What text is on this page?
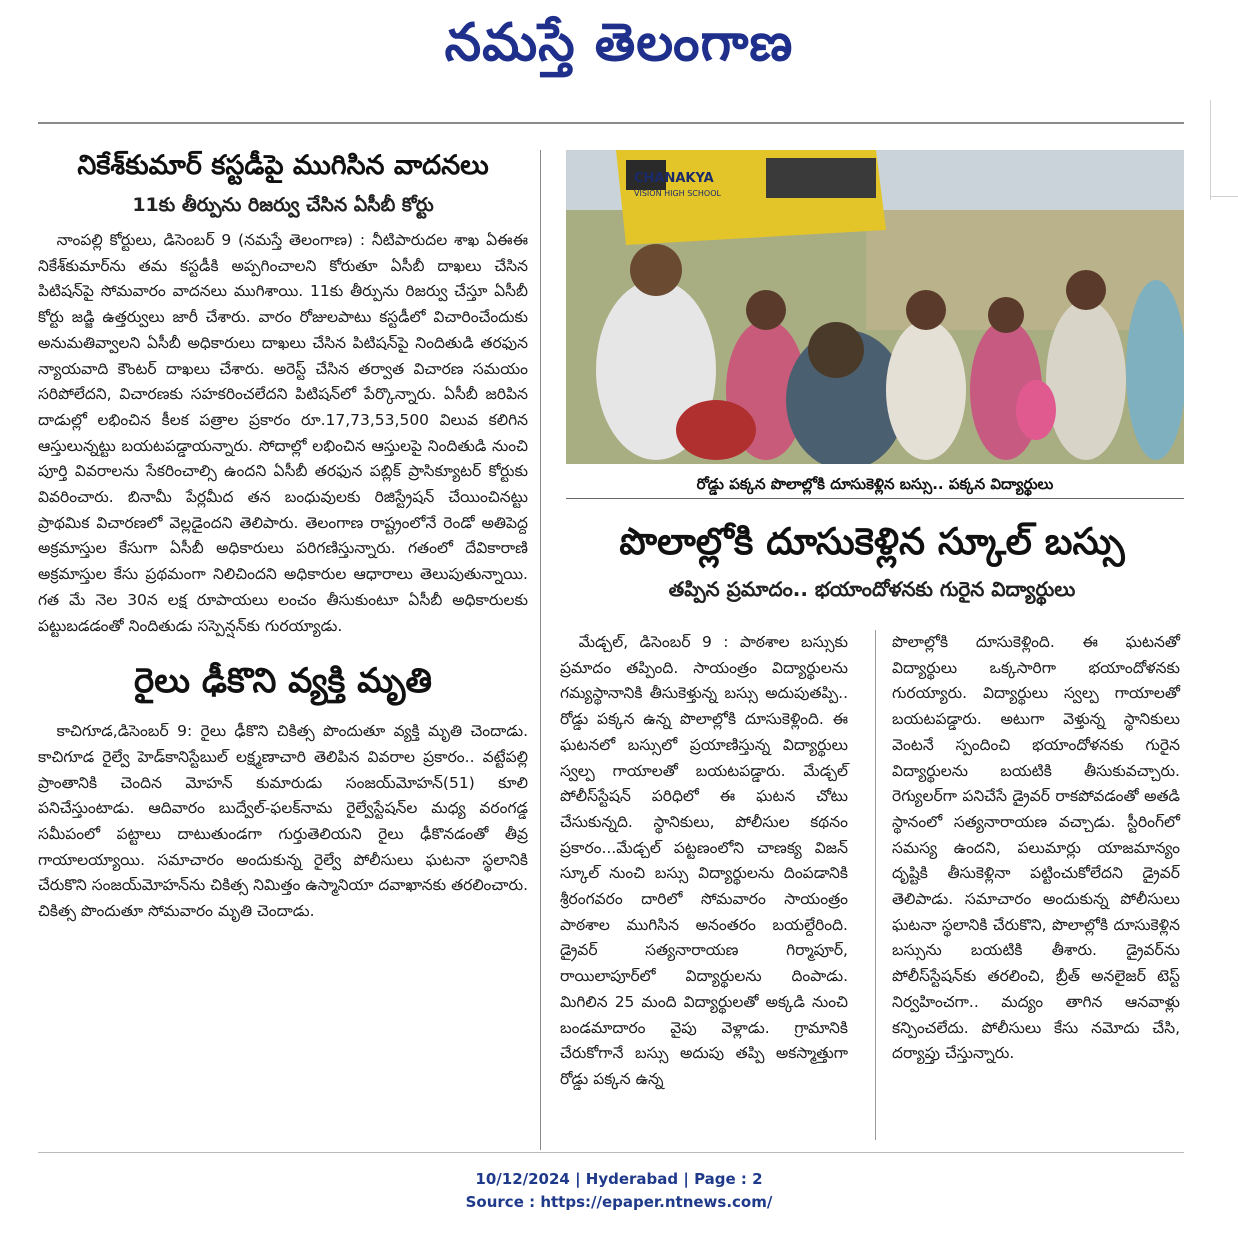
నమస్తే తెలంగాణ
నికేశ్‌కుమార్ కస్టడీపై ముగిసిన వాదనలు
11కు తీర్పును రిజర్వు చేసిన ఏసీబీ కోర్టు

నాంపల్లి కోర్టులు, డిసెంబర్ 9 (నమస్తే తెలంగాణ) : నీటిపారుదల శాఖ ఏఈఈ నికేశ్‌కుమార్‌ను తమ కస్టడీకి అప్పగించాలని కోరుతూ ఏసీబీ దాఖలు చేసిన పిటిషన్‌పై సోమవారం వాదనలు ముగిశాయి. 11కు తీర్పును రిజర్వు చేస్తూ ఏసీబీ కోర్టు జడ్జి ఉత్తర్వులు జారీ చేశారు. వారం రోజులపాటు కస్టడీలో విచారించేందుకు అనుమతివ్వాలని ఏసీబీ అధికారులు దాఖలు చేసిన పిటిషన్‌పై నిందితుడి తరఫున న్యాయవాది కౌంటర్ దాఖలు చేశారు. అరెస్ట్ చేసిన తర్వాత విచారణ సమయం సరిపోలేదని, విచారణకు సహకరించలేదని పిటిషన్‌లో పేర్కొన్నారు. ఏసీబీ జరిపిన దాడుల్లో లభించిన కీలక పత్రాల ప్రకారం రూ.17,73,53,500 విలువ కలిగిన ఆస్తులున్నట్టు బయటపడ్డాయన్నారు. సోదాల్లో లభించిన ఆస్తులపై నిందితుడి నుంచి పూర్తి వివరాలను సేకరించాల్సి ఉందని ఏసీబీ తరఫున పబ్లిక్ ప్రాసిక్యూటర్ కోర్టుకు వివరించారు. బినామీ పేర్లమీద తన బంధువులకు రిజిస్ట్రేషన్ చేయించినట్టు ప్రాథమిక విచారణలో వెల్లడైందని తెలిపారు. తెలంగాణ రాష్ట్రంలోనే రెండో అతిపెద్ద అక్రమాస్తుల కేసుగా ఏసీబీ అధికారులు పరిగణిస్తున్నారు. గతంలో దేవికారాణి అక్రమాస్తుల కేసు ప్రథమంగా నిలిచిందని అధికారుల ఆధారాలు తెలుపుతున్నాయి. గత మే నెల 30న లక్ష రూపాయలు లంచం తీసుకుంటూ ఏసీబీ అధికారులకు పట్టుబడడంతో నిందితుడు సస్పెన్షన్‌కు గురయ్యాడు.

రైలు ఢీకొని వ్యక్తి మృతి

కాచిగూడ,డిసెంబర్ 9: రైలు ఢీకొని చికిత్స పొందుతూ వ్యక్తి మృతి చెందాడు. కాచిగూడ రైల్వే హెడ్‌కానిస్టేబుల్ లక్ష్మణాచారి తెలిపిన వివరాల ప్రకారం.. వట్టేపల్లి ప్రాంతానికి చెందిన మోహన్ కుమారుడు సంజయ్‌మోహన్(51) కూలి పనిచేస్తుంటాడు. ఆదివారం బుద్వేల్-ఫలక్‌నామ రైల్వేస్టేషన్‌ల మధ్య వరంగడ్డ సమీపంలో పట్టాలు దాటుతుండగా గుర్తుతెలియని రైలు ఢీకొనడంతో తీవ్ర గాయాలయ్యాయి. సమాచారం అందుకున్న రైల్వే పోలీసులు ఘటనా స్థలానికి చేరుకొని సంజయ్‌మోహన్‌ను చికిత్స నిమిత్తం ఉస్మానియా దవాఖానకు తరలించారు. చికిత్స పొందుతూ సోమవారం మృతి చెందాడు.

CHANAKYA
VISION HIGH SCHOOL
రోడ్డు పక్కన పొలాల్లోకి దూసుకెళ్లిన బస్సు.. పక్కన విద్యార్థులు
పొలాల్లోకి దూసుకెళ్లిన స్కూల్ బస్సు
తప్పిన ప్రమాదం.. భయాందోళనకు గురైన విద్యార్థులు

మేడ్చల్, డిసెంబర్ 9 : పాఠశాల బస్సుకు ప్రమాదం తప్పింది. సాయంత్రం విద్యార్థులను గమ్యస్థానానికి తీసుకెళ్తున్న బస్సు అదుపుతప్పి.. రోడ్డు పక్కన ఉన్న పొలాల్లోకి దూసుకెళ్లింది. ఈ ఘటనలో బస్సులో ప్రయాణిస్తున్న విద్యార్థులు స్వల్ప గాయాలతో బయటపడ్డారు. మేడ్చల్ పోలీస్‌స్టేషన్ పరిధిలో ఈ ఘటన చోటు చేసుకున్నది. స్థానికులు, పోలీసుల కథనం ప్రకారం...మేడ్చల్ పట్టణంలోని చాణక్య విజన్ స్కూల్ నుంచి బస్సు విద్యార్థులను దింపడానికి శ్రీరంగవరం దారిలో సోమవారం సాయంత్రం పాఠశాల ముగిసిన అనంతరం బయల్దేరింది. డ్రైవర్ సత్యనారాయణ గిర్మాపూర్, రాయిలాపూర్‌లో విద్యార్థులను దింపాడు. మిగిలిన 25 మంది విద్యార్థులతో అక్కడి నుంచి బండమాదారం వైపు వెళ్లాడు. గ్రామానికి చేరుకోగానే బస్సు అదుపు తప్పి అకస్మాత్తుగా రోడ్డు పక్కన ఉన్న

పొలాల్లోకి దూసుకెళ్లింది. ఈ ఘటనతో విద్యార్థులు ఒక్కసారిగా భయాందోళనకు గురయ్యారు. విద్యార్థులు స్వల్ప గాయాలతో బయటపడ్డారు. అటుగా వెళ్తున్న స్థానికులు వెంటనే స్పందించి భయాందోళనకు గురైన విద్యార్థులను బయటికి తీసుకువచ్చారు. రెగ్యులర్‌గా పనిచేసే డ్రైవర్ రాకపోవడంతో అతడి స్థానంలో సత్యనారాయణ వచ్చాడు. స్టీరింగ్‌లో సమస్య ఉందని, పలుమార్లు యాజమాన్యం దృష్టికి తీసుకెళ్లినా పట్టించుకోలేదని డ్రైవర్ తెలిపాడు. సమాచారం అందుకున్న పోలీసులు ఘటనా స్థలానికి చేరుకొని, పొలాల్లోకి దూసుకెళ్లిన బస్సును బయటికి తీశారు. డ్రైవర్‌ను పోలీస్‌స్టేషన్‌కు తరలించి, బ్రీత్ అనలైజర్ టెస్ట్ నిర్వహించగా.. మద్యం తాగిన ఆనవాళ్లు కన్పించలేదు. పోలీసులు కేసు నమోదు చేసి, దర్యాప్తు చేస్తున్నారు.

10/12/2024 | Hyderabad | Page : 2
Source : https://epaper.ntnews.com/
